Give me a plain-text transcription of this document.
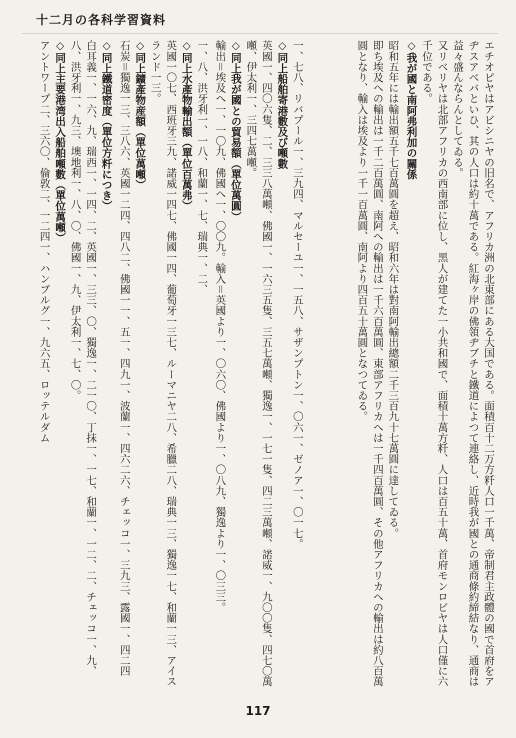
十二月の各科学習資料

エチオピヤはアビシニヤの旧名で、アフリカ洲の北東部にある大国である。面積百十二万方粁人口一千萬、帝制君主政體の國で首府をアヂスアベバといひ、其の人口は約十萬である。紅海ヶ岸の佛領ヂブチと鐵道によつて連絡し、近時我が國との通商條約締結なり、通商は益々盛んならんとしてゐる。

又リベリヤは北部アフリカの西南部に位し、黑人が建てた一小共和國で、面積十萬方粁、人口は百五十萬、首府モンロビヤは人口僅に六千位である。

◇我が國と南阿弗利加の關係

昭和五年には輸出額五千七百萬圓を超え、昭和六年は對南阿輸出總額二千三百九十七萬圓に達してゐる。

即ち埃及への輸出は一千二百萬圓、南阿への輸出は一千六百萬圓、東部アフリカへは一千四百萬圓、その他アフリカへの輸出は約八百萬圓となり、輸入は埃及より一千一百萬圓、南阿より四百五十萬圓となつてゐる。

一、七八、リバプール一、三九四、マルセーユ一、一五八、サザンプトン一、〇六一、ゼノア一、〇一七。

◇同上船舶寄港數及び噸數

英國一、四〇六隻、二、三三八萬噸、佛國一、一六三五隻、三五七萬噸、獨逸一、一七一隻、四二三萬噸、諾威一、九〇〇隻、四七〇萬噸、伊太利一、三四七萬噸。

◇同上我が國との貿易額（單位萬圓）

輸出＝埃及へ一、一〇九、佛國へ一、〇〇九。輸入＝英國より一、〇六〇、佛國より一、〇八九、獨逸より一、〇三三。

一、八、洪牙利一、一八、和蘭一、七、瑞典一、二、

◇同上水產物輸出額（單位百萬弗）

英國一〇七、西班牙三九、諾威一四七、佛國一四、葡萄牙一三七、ルーマニヤ二八、希臘二八、瑞典一三、獨逸一七、和蘭一三、アイスランド一三。

◇同上鑛產物産額（單位萬噸）

石炭＝獨逸一三、三八六、英國一二四、四八二、佛國一一、五一、四九一、波蘭一、四六二六、チェッコ一、三九三、露國一、四二四

◇同上鐵道密度（單位方粁につき）

白耳義一、一六、九、瑞西一、一四、二、英國一、三三、〇、獨逸一、二一〇、丁抹一、一七、和蘭一、一二、二、チェッコ一、九、八、洪牙利一、九三、墺地利一、八、〇、佛國一、九、伊太利一、七、〇。

◇同上主要港湾出入船舶噸數（單位萬噸）

アントワープ二、三六〇、倫敦二、一二四一、ハンブルグ一、九六五、ロッテルダム

117
